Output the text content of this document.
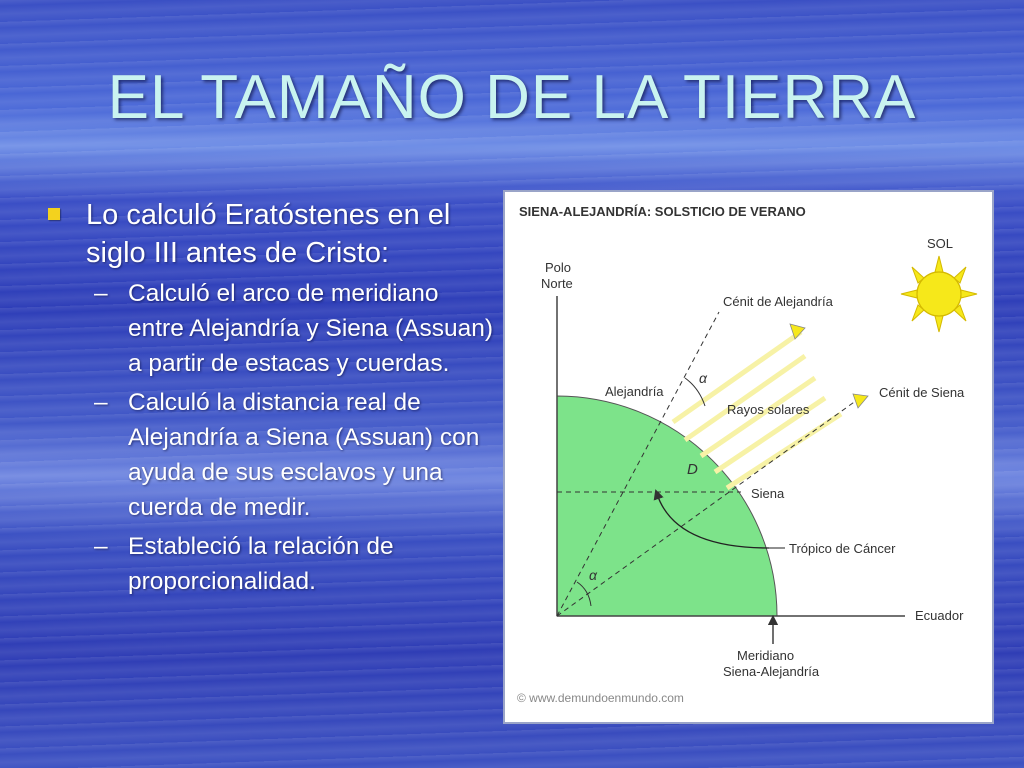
EL TAMAÑO DE LA TIERRA
Lo calculó Eratóstenes en el siglo III antes de Cristo:
– Calculó el arco de meridiano entre Alejandría y Siena (Assuan) a partir de estacas y cuerdas.
– Calculó la distancia real de Alejandría a Siena (Assuan) con ayuda de sus esclavos y una cuerda de medir.
– Estableció la relación de proporcionalidad.
SIENA-ALEJANDRÍA: SOLSTICIO DE VERANO
SOL
Polo
Norte
Cénit de Alejandría
Cénit de Siena
Alejandría
α
α
Rayos solares
D
Siena
Trópico de Cáncer
Ecuador
Meridiano
Siena-Alejandría
© www.demundoenmundo.com
